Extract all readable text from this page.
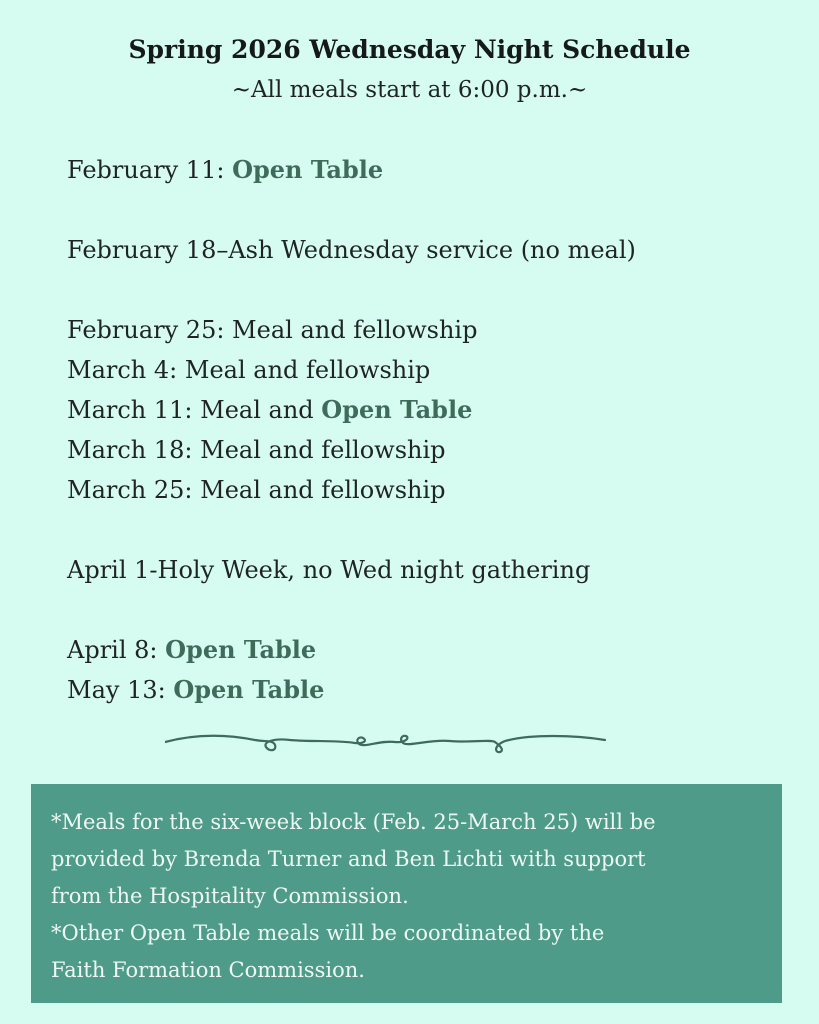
Spring 2026 Wednesday Night Schedule
~All meals start at 6:00 p.m.~
February 11: Open Table
February 18–Ash Wednesday service (no meal)
February 25: Meal and fellowship
March 4: Meal and fellowship
March 11: Meal and Open Table
March 18: Meal and fellowship
March 25: Meal and fellowship
April 1-Holy Week, no Wed night gathering
April 8: Open Table
May 13: Open Table
*Meals for the six-week block (Feb. 25-March 25) will be
provided by Brenda Turner and Ben Lichti with support
from the Hospitality Commission.
*Other Open Table meals will be coordinated by the
Faith Formation Commission.
